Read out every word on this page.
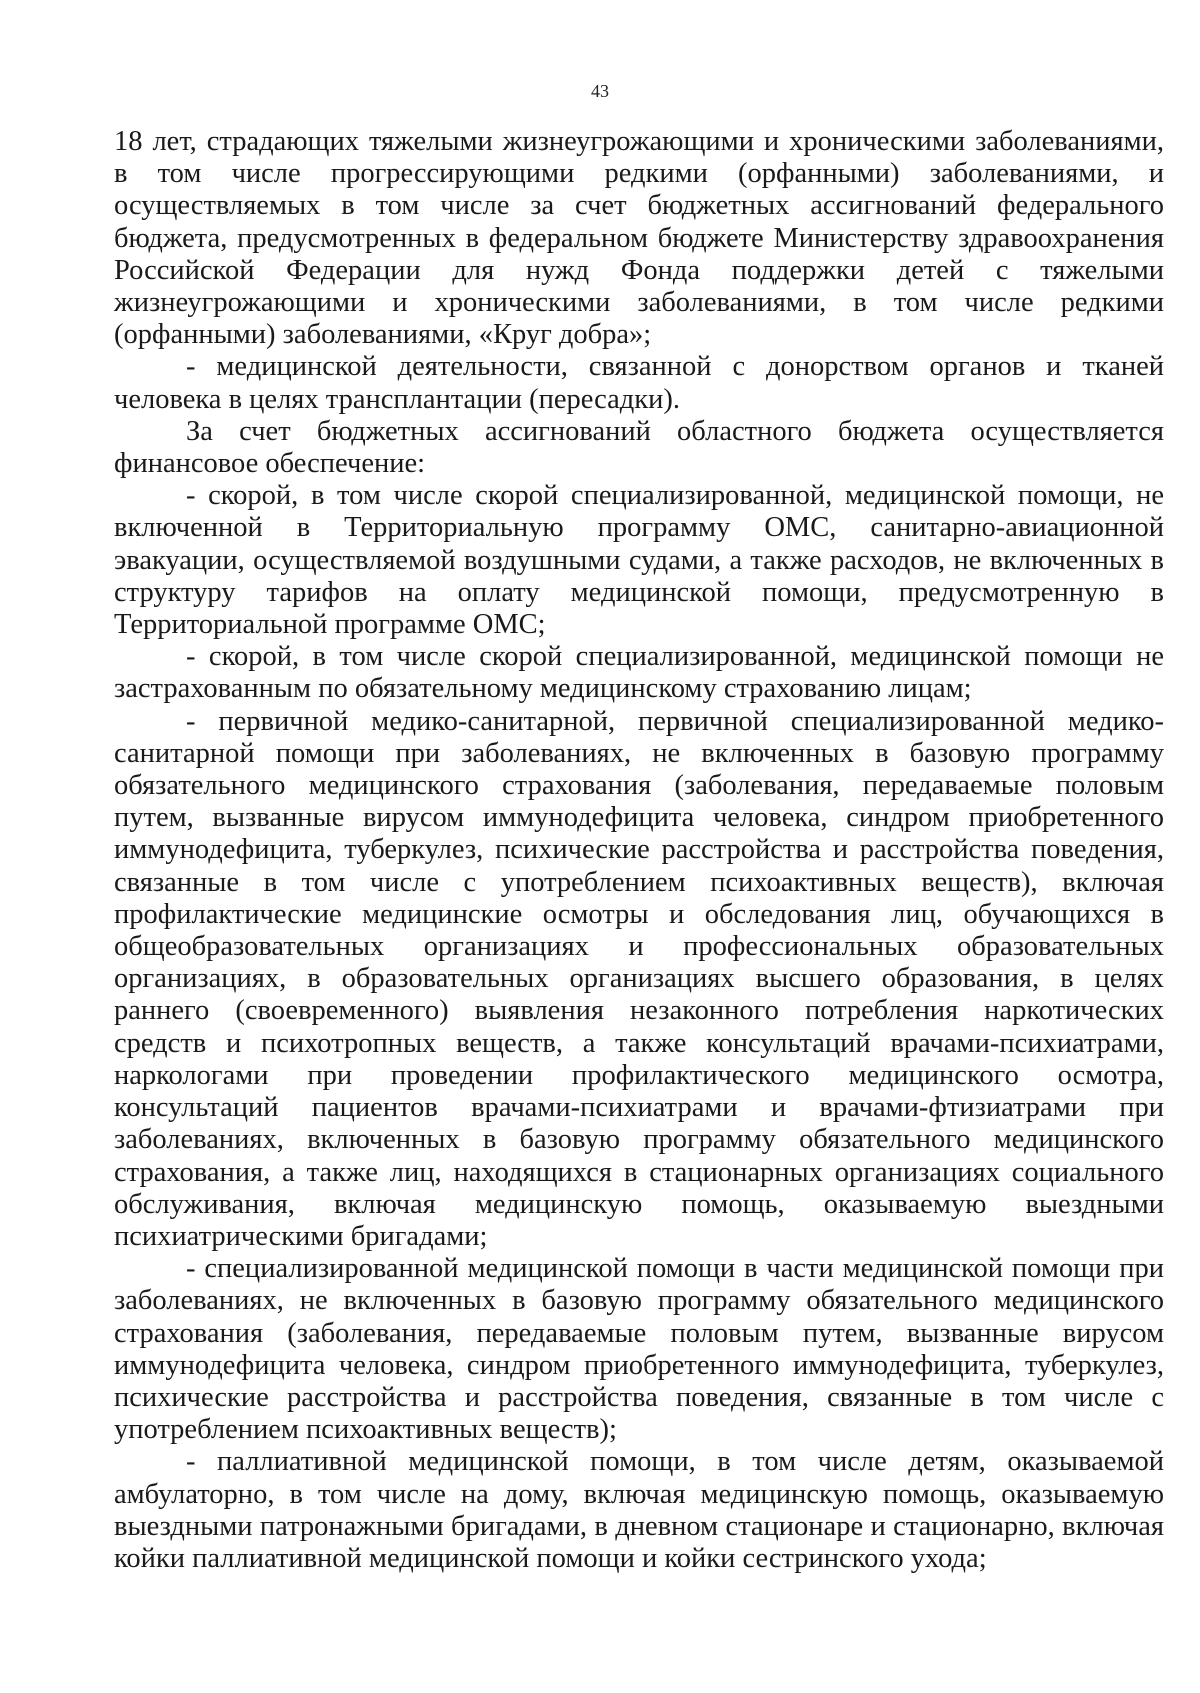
43

18 лет, страдающих тяжелыми жизнеугрожающими и хроническими заболеваниями, в том числе прогрессирующими редкими (орфанными) заболеваниями, и осуществляемых в том числе за счет бюджетных ассигнований федерального бюджета, предусмотренных в федеральном бюджете Министерству здравоохранения Российской Федерации для нужд Фонда поддержки детей с тяжелыми жизнеугрожающими и хроническими заболеваниями, в том числе редкими (орфанными) заболеваниями, «Круг добра»;

- медицинской деятельности, связанной с донорством органов и тканей человека в целях трансплантации (пересадки).

За счет бюджетных ассигнований областного бюджета осуществляется финансовое обеспечение:

- скорой, в том числе скорой специализированной, медицинской помощи, не включенной в Территориальную программу ОМС, санитарно-авиационной эвакуации, осуществляемой воздушными судами, а также расходов, не включенных в структуру тарифов на оплату медицинской помощи, предусмотренную в Территориальной программе ОМС;

- скорой, в том числе скорой специализированной, медицинской помощи не застрахованным по обязательному медицинскому страхованию лицам;

- первичной медико-санитарной, первичной специализированной медико-санитарной помощи при заболеваниях, не включенных в базовую программу обязательного медицинского страхования (заболевания, передаваемые половым путем, вызванные вирусом иммунодефицита человека, синдром приобретенного иммунодефицита, туберкулез, психические расстройства и расстройства поведения, связанные в том числе с употреблением психоактивных веществ), включая профилактические медицинские осмотры и обследования лиц, обучающихся в общеобразовательных организациях и профессиональных образовательных организациях, в образовательных организациях высшего образования, в целях раннего (своевременного) выявления незаконного потребления наркотических средств и психотропных веществ, а также консультаций врачами-психиатрами, наркологами при проведении профилактического медицинского осмотра, консультаций пациентов врачами-психиатрами и врачами-фтизиатрами при заболеваниях, включенных в базовую программу обязательного медицинского страхования, а также лиц, находящихся в стационарных организациях социального обслуживания, включая медицинскую помощь, оказываемую выездными психиатрическими бригадами;

- специализированной медицинской помощи в части медицинской помощи при заболеваниях, не включенных в базовую программу обязательного медицинского страхования (заболевания, передаваемые половым путем, вызванные вирусом иммунодефицита человека, синдром приобретенного иммунодефицита, туберкулез, психические расстройства и расстройства поведения, связанные в том числе с употреблением психоактивных веществ);

- паллиативной медицинской помощи, в том числе детям, оказываемой амбулаторно, в том числе на дому, включая медицинскую помощь, оказываемую выездными патронажными бригадами, в дневном стационаре и стационарно, включая койки паллиативной медицинской помощи и койки сестринского ухода;
